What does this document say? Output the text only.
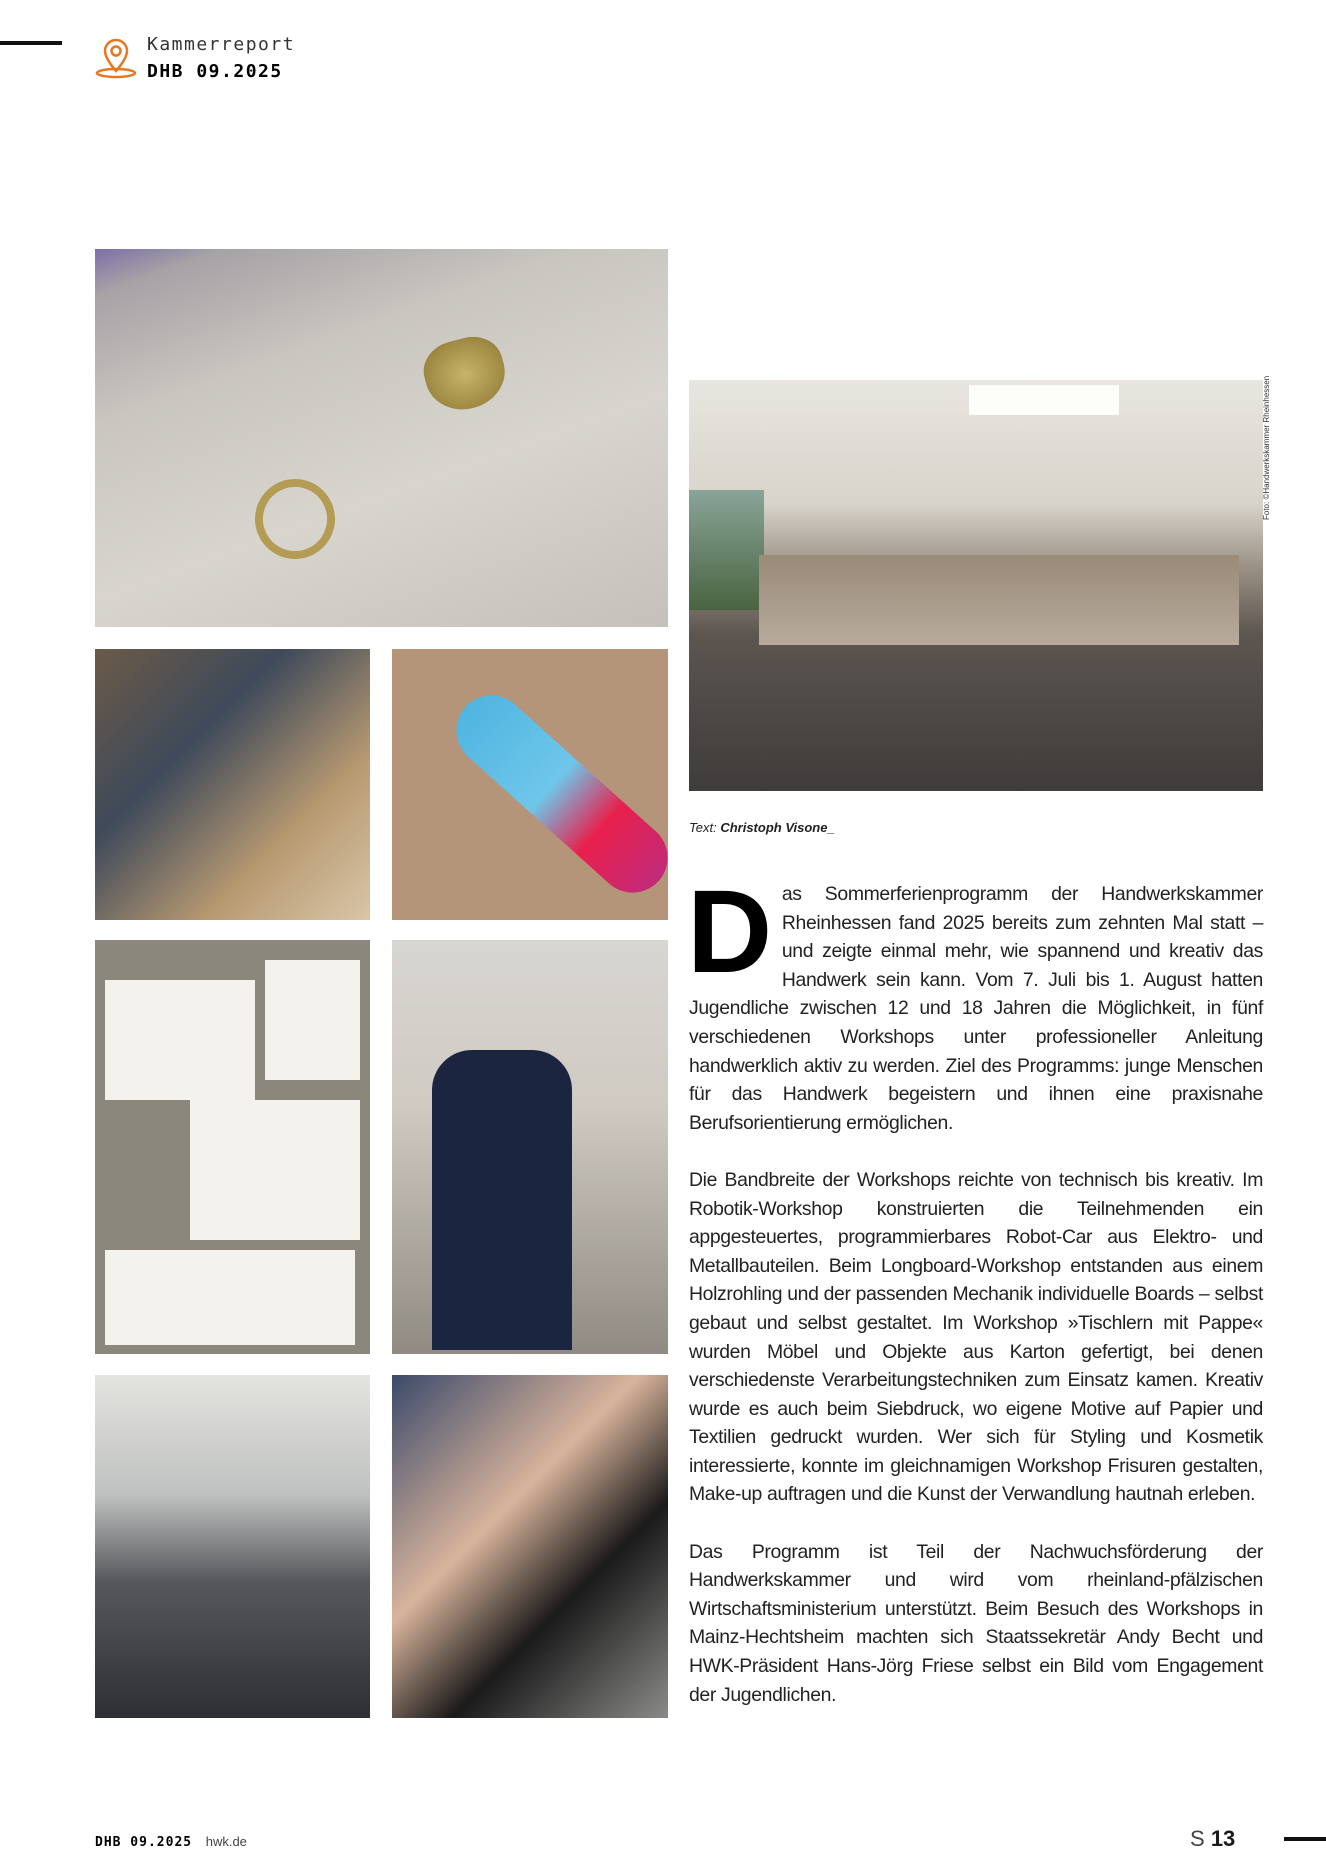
Kammerreport
DHB 09.2025
Foto: ©Handwerkskammer Rheinhessen
Text: Christoph Visone_

Das Sommerferienprogramm der Handwerkskammer Rheinhessen fand 2025 bereits zum zehnten Mal statt – und zeigte einmal mehr, wie spannend und kreativ das Handwerk sein kann. Vom 7. Juli bis 1. August hatten Jugendliche zwischen 12 und 18 Jahren die Möglichkeit, in fünf verschiedenen Workshops unter professioneller Anleitung handwerklich aktiv zu werden. Ziel des Programms: junge Menschen für das Handwerk begeistern und ihnen eine praxisnahe Berufsorientierung ermöglichen.

Die Bandbreite der Workshops reichte von technisch bis kreativ. Im Robotik-Workshop konstruierten die Teilnehmenden ein appgesteuertes, programmierbares Robot-Car aus Elektro- und Metallbauteilen. Beim Longboard-Workshop entstanden aus einem Holzrohling und der passenden Mechanik individuelle Boards – selbst gebaut und selbst gestaltet. Im Workshop »Tischlern mit Pappe« wurden Möbel und Objekte aus Karton gefertigt, bei denen verschiedenste Verarbeitungstechniken zum Einsatz kamen. Kreativ wurde es auch beim Siebdruck, wo eigene Motive auf Papier und Textilien gedruckt wurden. Wer sich für Styling und Kosmetik interessierte, konnte im gleichnamigen Workshop Frisuren gestalten, Make-up auftragen und die Kunst der Verwandlung hautnah erleben.

Das Programm ist Teil der Nachwuchsförderung der Handwerkskammer und wird vom rheinland-pfälzischen Wirtschaftsministerium unterstützt. Beim Besuch des Workshops in Mainz-Hechtsheim machten sich Staatssekretär Andy Becht und HWK-Präsident Hans-Jörg Friese selbst ein Bild vom Engagement der Jugendlichen.

DHB 09.2025 hwk.de	S 13
